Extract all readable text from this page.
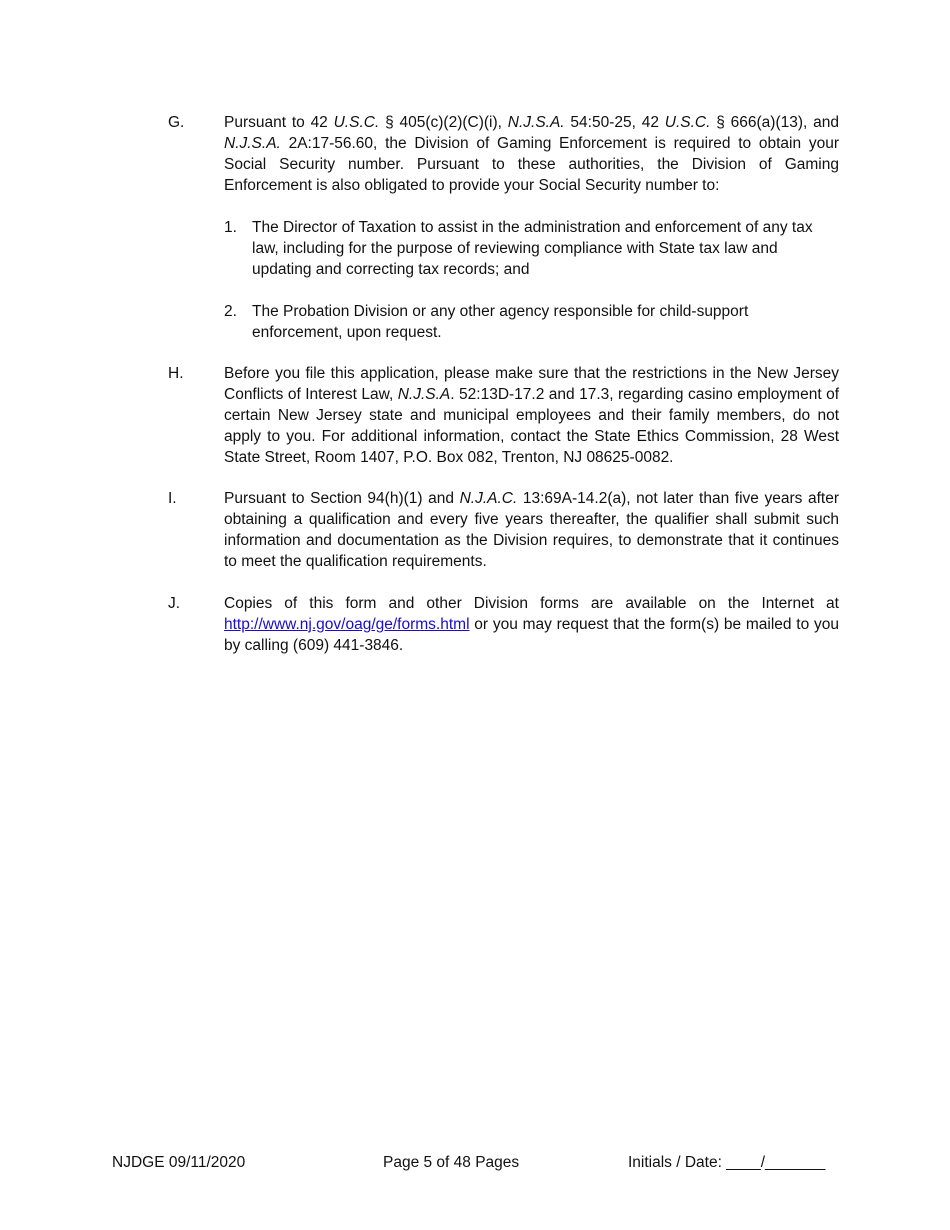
G.	Pursuant to 42 U.S.C. § 405(c)(2)(C)(i), N.J.S.A. 54:50-25, 42 U.S.C. § 666(a)(13), and N.J.S.A. 2A:17-56.60, the Division of Gaming Enforcement is required to obtain your Social Security number. Pursuant to these authorities, the Division of Gaming Enforcement is also obligated to provide your Social Security number to:
1. The Director of Taxation to assist in the administration and enforcement of any tax law, including for the purpose of reviewing compliance with State tax law and updating and correcting tax records; and
2. The Probation Division or any other agency responsible for child-support enforcement, upon request.
H.	Before you file this application, please make sure that the restrictions in the New Jersey Conflicts of Interest Law, N.J.S.A. 52:13D-17.2 and 17.3, regarding casino employment of certain New Jersey state and municipal employees and their family members, do not apply to you. For additional information, contact the State Ethics Commission, 28 West State Street, Room 1407, P.O. Box 082, Trenton, NJ 08625-0082.
I.	Pursuant to Section 94(h)(1) and N.J.A.C. 13:69A-14.2(a), not later than five years after obtaining a qualification and every five years thereafter, the qualifier shall submit such information and documentation as the Division requires, to demonstrate that it continues to meet the qualification requirements.
J.	Copies of this form and other Division forms are available on the Internet at http://www.nj.gov/oag/ge/forms.html or you may request that the form(s) be mailed to you by calling (609) 441-3846.
NJDGE 09/11/2020	Page 5 of 48 Pages	Initials / Date: ____/_______
